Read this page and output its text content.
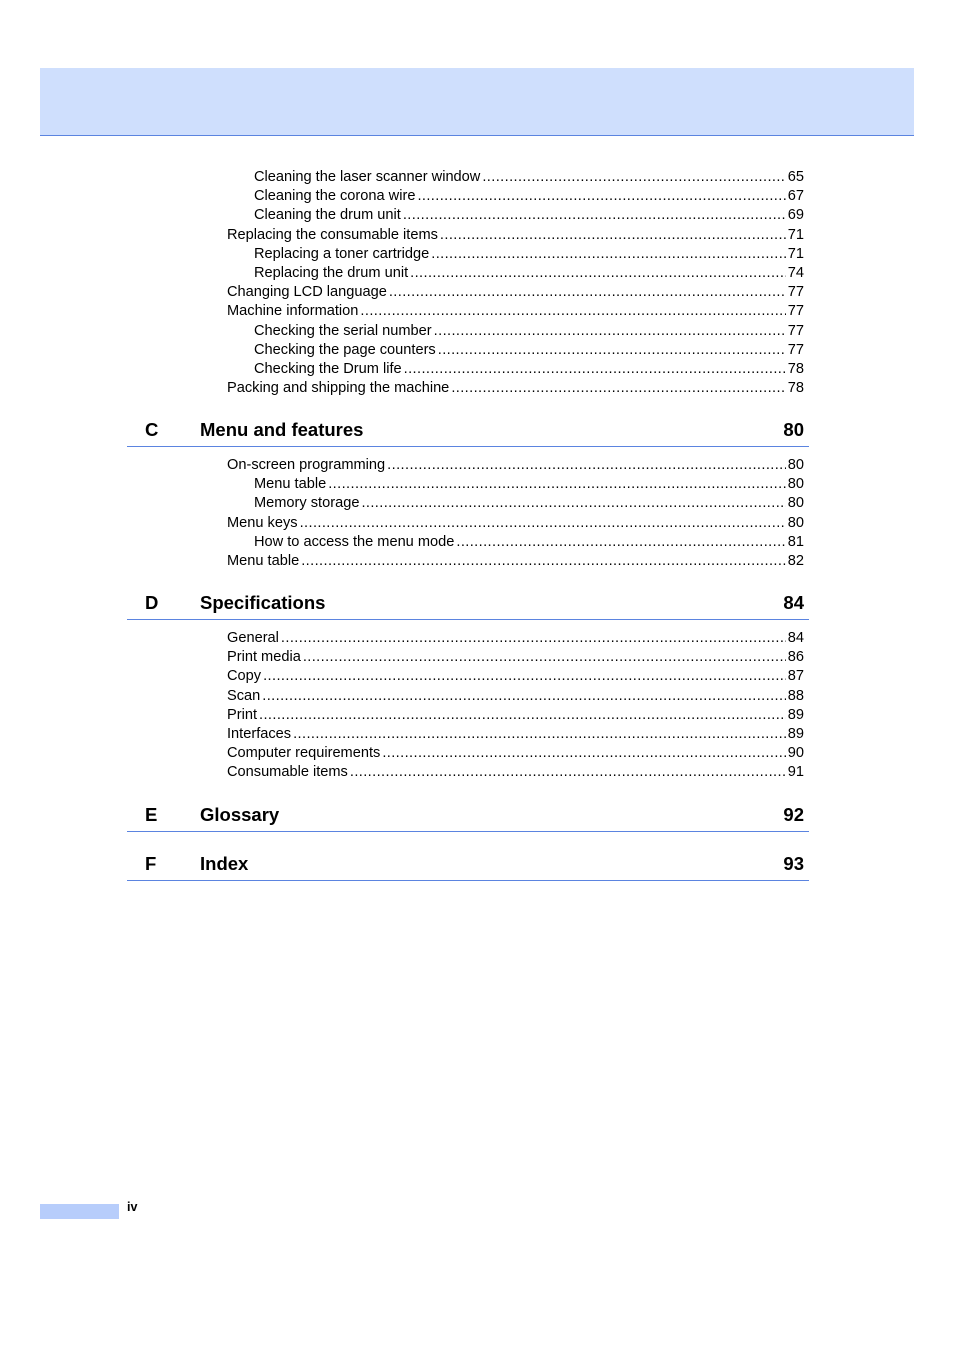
Cleaning the laser scanner window .....	65
Cleaning the corona wire .....	67
Cleaning the drum unit .....	69
Replacing the consumable items .....	71
Replacing a toner cartridge .....	71
Replacing the drum unit .....	74
Changing LCD language .....	77
Machine information .....	77
Checking the serial number .....	77
Checking the page counters .....	77
Checking the Drum life .....	78
Packing and shipping the machine .....	78
C Menu and features	80
On-screen programming .....	80
Menu table .....	80
Memory storage .....	80
Menu keys .....	80
How to access the menu mode .....	81
Menu table .....	82
D Specifications	84
General .....	84
Print media .....	86
Copy .....	87
Scan .....	88
Print .....	89
Interfaces .....	89
Computer requirements .....	90
Consumable items .....	91
E Glossary	92
F Index	93
iv
